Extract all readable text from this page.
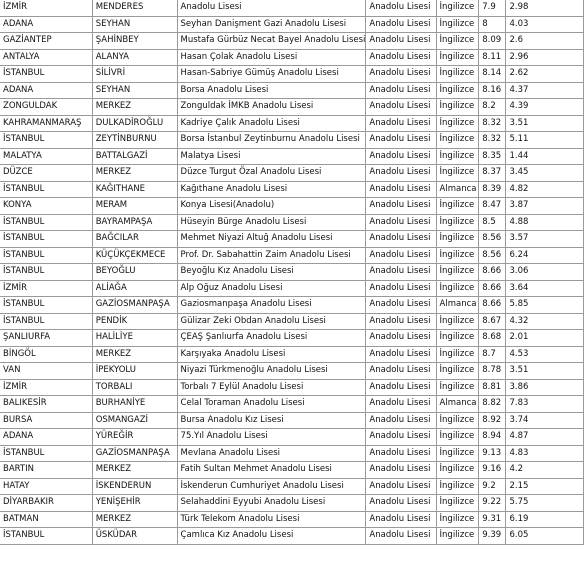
İZMİR	MENDERES	Anadolu Lisesi	Anadolu Lisesi	İngilizce	7.9	2.98
ADANA	SEYHAN	Seyhan Danişment Gazi Anadolu Lisesi	Anadolu Lisesi	İngilizce	8	4.03
GAZİANTEP	ŞAHİNBEY	Mustafa Gürbüz Necat Bayel Anadolu Lisesi	Anadolu Lisesi	İngilizce	8.09	2.6
ANTALYA	ALANYA	Hasan Çolak Anadolu Lisesi	Anadolu Lisesi	İngilizce	8.11	2.96
İSTANBUL	SİLİVRİ	Hasan-Sabriye Gümüş Anadolu Lisesi	Anadolu Lisesi	İngilizce	8.14	2.62
ADANA	SEYHAN	Borsa Anadolu Lisesi	Anadolu Lisesi	İngilizce	8.16	4.37
ZONGULDAK	MERKEZ	Zonguldak İMKB Anadolu Lisesi	Anadolu Lisesi	İngilizce	8.2	4.39
KAHRAMANMARAŞ	DULKADİROĞLU	Kadriye Çalık Anadolu Lisesi	Anadolu Lisesi	İngilizce	8.32	3.51
İSTANBUL	ZEYTİNBURNU	Borsa İstanbul Zeytinburnu Anadolu Lisesi	Anadolu Lisesi	İngilizce	8.32	5.11
MALATYA	BATTALGAZİ	Malatya Lisesi	Anadolu Lisesi	İngilizce	8.35	1.44
DÜZCE	MERKEZ	Düzce Turgut Özal Anadolu Lisesi	Anadolu Lisesi	İngilizce	8.37	3.45
İSTANBUL	KAĞITHANE	Kağıthane Anadolu Lisesi	Anadolu Lisesi	Almanca	8.39	4.82
KONYA	MERAM	Konya Lisesi(Anadolu)	Anadolu Lisesi	İngilizce	8.47	3.87
İSTANBUL	BAYRAMPAŞA	Hüseyin Bürge Anadolu Lisesi	Anadolu Lisesi	İngilizce	8.5	4.88
İSTANBUL	BAĞCILAR	Mehmet Niyazi Altuğ Anadolu Lisesi	Anadolu Lisesi	İngilizce	8.56	3.57
İSTANBUL	KÜÇÜKÇEKMECE	Prof. Dr. Sabahattin Zaim Anadolu Lisesi	Anadolu Lisesi	İngilizce	8.56	6.24
İSTANBUL	BEYOĞLU	Beyoğlu Kız Anadolu Lisesi	Anadolu Lisesi	İngilizce	8.66	3.06
İZMİR	ALİAĞA	Alp Oğuz Anadolu Lisesi	Anadolu Lisesi	İngilizce	8.66	3.64
İSTANBUL	GAZİOSMANPAŞA	Gaziosmanpaşa Anadolu Lisesi	Anadolu Lisesi	Almanca	8.66	5.85
İSTANBUL	PENDİK	Gülizar Zeki Obdan Anadolu Lisesi	Anadolu Lisesi	İngilizce	8.67	4.32
ŞANLIURFA	HALİLİYE	ÇEAŞ Şanlıurfa Anadolu Lisesi	Anadolu Lisesi	İngilizce	8.68	2.01
BİNGÖL	MERKEZ	Karşıyaka Anadolu Lisesi	Anadolu Lisesi	İngilizce	8.7	4.53
VAN	İPEKYOLU	Niyazi Türkmenoğlu Anadolu Lisesi	Anadolu Lisesi	İngilizce	8.78	3.51
İZMİR	TORBALI	Torbalı 7 Eylül Anadolu Lisesi	Anadolu Lisesi	İngilizce	8.81	3.86
BALIKESİR	BURHANİYE	Celal Toraman Anadolu Lisesi	Anadolu Lisesi	Almanca	8.82	7.83
BURSA	OSMANGAZİ	Bursa Anadolu Kız Lisesi	Anadolu Lisesi	İngilizce	8.92	3.74
ADANA	YÜREĞİR	75.Yıl Anadolu Lisesi	Anadolu Lisesi	İngilizce	8.94	4.87
İSTANBUL	GAZİOSMANPAŞA	Mevlana Anadolu Lisesi	Anadolu Lisesi	İngilizce	9.13	4.83
BARTIN	MERKEZ	Fatih Sultan Mehmet Anadolu Lisesi	Anadolu Lisesi	İngilizce	9.16	4.2
HATAY	İSKENDERUN	İskenderun Cumhuriyet Anadolu Lisesi	Anadolu Lisesi	İngilizce	9.2	2.15
DİYARBAKIR	YENİŞEHİR	Selahaddini Eyyubi Anadolu Lisesi	Anadolu Lisesi	İngilizce	9.22	5.75
BATMAN	MERKEZ	Türk Telekom Anadolu Lisesi	Anadolu Lisesi	İngilizce	9.31	6.19
İSTANBUL	ÜSKÜDAR	Çamlıca Kız Anadolu Lisesi	Anadolu Lisesi	İngilizce	9.39	6.05
